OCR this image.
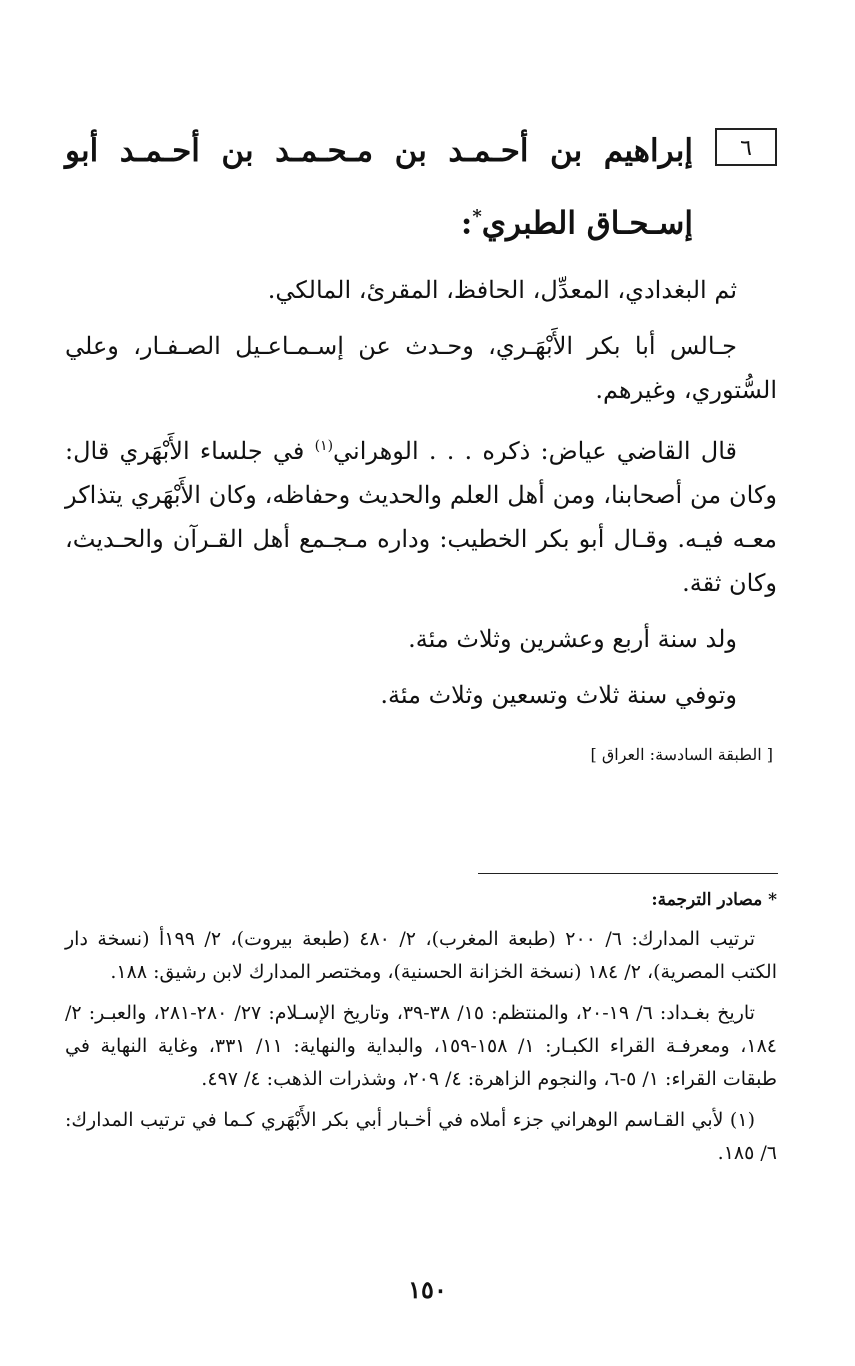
٦
إبراهيم بن أحـمـد بن مـحـمـد بن أحـمـد أبو إسـحـاق الطبري*:

ثم البغدادي، المعدِّل، الحافظ، المقرئ، المالكي.

جـالس أبا بكر الأَبْهَـري، وحـدث عن إسـمـاعـيل الصـفـار، وعلي السُّتوري، وغيرهم.

قال القاضي عياض: ذكره . . . الوهراني$^{(١)}$ في جلساء الأَبْهَري قال: وكان من أصحابنا، ومن أهل العلم والحديث وحفاظه، وكان الأَبْهَري يتذاكر معـه فيـه. وقـال أبو بكر الخطيب: وداره مـجـمع أهل القـرآن والحـديث، وكان ثقة.

ولد سنة أربع وعشرين وثلاث مئة.

وتوفي سنة ثلاث وتسعين وثلاث مئة.

[ الطبقة السادسة: العراق ]

* مصادر الترجمة:

ترتيب المدارك: ٦/ ٢٠٠ (طبعة المغرب)، ٢/ ٤٨٠ (طبعة بيروت)، ٢/ ١٩٩أ (نسخة دار الكتب المصرية)، ٢/ ١٨٤ (نسخة الخزانة الحسنية)، ومختصر المدارك لابن رشيق: ١٨٨.

تاريخ بغـداد: ٦/ ١٩-٢٠، والمنتظم: ١٥/ ٣٨-٣٩، وتاريخ الإسـلام: ٢٧/ ٢٨٠-٢٨١، والعبـر: ٢/ ١٨٤، ومعرفـة القراء الكبـار: ١/ ١٥٨-١٥٩، والبداية والنهاية: ١١/ ٣٣١، وغاية النهاية في طبقات القراء: ١/ ٥-٦، والنجوم الزاهرة: ٤/ ٢٠٩، وشذرات الذهب: ٤/ ٤٩٧.

(١) لأبي القـاسم الوهراني جزء أملاه في أخـبار أبي بكر الأَبْهَري كـما في ترتيب المدارك: ٦/ ١٨٥.

١٥٠
